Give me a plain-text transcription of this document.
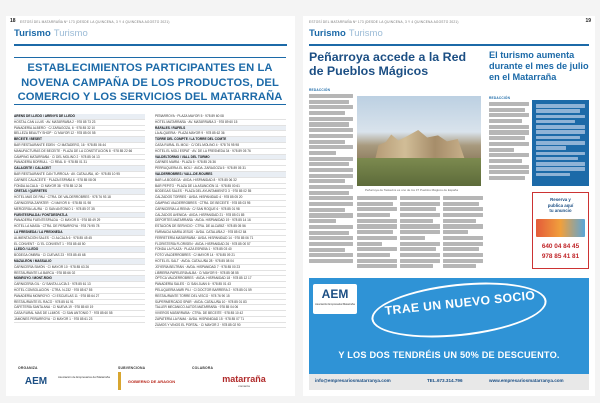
18 ESTOSÍ DEL MATARRAÑA Nº 173 (DESDE LA QUINCENA, 3 Y 4 QUINCENA AGOSTO 2021)
Turismo Turismo
ESTABLECIMIENTOS PARTICIPANTES EN LA NOVENA CAMPAÑA DE LOS PRODUCTOS, DEL COMERCIO Y LOS SERVICIOS DEL MATARRAÑA
ARENS DE LLEDÓ / ARENYS DE LLEDÓ
HOSTAL CAN LLUIS · AV. MATARRAÑA 2 · 978 85 73 23
PANADERÍA ALBERO · C/ ZARAGOZA, 6 · 978 85 32 10
BELLEZA BEAUTY SHOP · C/ MAYOR 12 · 978 85 00 55
BECEITE / BESEIT
BAR RESTAURANTE EDEN · C/ MATADERO, 16 · 978 85 06 44
MANUFACTURAS DE BECEITE · PLAZA DE LA CONSTITUCIÓN 8 · 978 85 22 66
CAMPING MATARRAÑA · C/ DEL MOLINO 2 · 978 85 04 13
PANADERÍA BORRULL · C/ REAL 8 · 978 85 01 31
CALACEITE / CALACEIT
BAR RESTAURANTE CAN TURROLA · AV. CATALUÑA, 40 · 978 85 10 95
CARNES CALACEITE · PLAZA ESPAÑA 6 · 978 85 08 05
FONDA ALCALÁ · C/ MAYOR 38 · 978 85 12 26
CRETAS / QUERETES
HOTEL MAS DE PAU · CTRA. DE VALDERROBRES · 978 76 93 18
CARNICERÍA ZAPATER · C/ MAYOR 6 · 978 85 01 98
MERCERÍA LAURA · C/ SAN ANTONIO 1 · 978 85 07 35
FUENTESPALDA / FONTDESPATLA
PANADERÍA FUENTESPALDA · C/ MAYOR 5 · 978 85 49 29
HOTEL LA MASÍA · CTRA. DE PEÑARROYA · 978 76 95 78
LA FRESNEDA / LA FREIXNEDA
ALIMENTACIÓN SALES · C/ ALCALÁ 6 · 978 85 45 45
EL CONVENT · C/ EL CONVENT 1 · 978 85 48 50
LLEDÓ / LLEDÓ
BODEGA OMBRA · C/ CUEVAS 23 · 978 85 45 68
MAZALEÓN / MASSALIÓ
CARNICERÍA SIMÓN · C/ MAYOR 10 · 978 85 63 26
RESTAURANTE LA BARCA · 978 85 66 02
MONROYO / MONT-ROIG
CARNICERÍA GIL · C/ SANTA LUCÍA 3 · 978 85 61 13
HOTEL CONSOLACIÓN · CTRA. N-232 · 978 85 67 55
PANADERÍA MONROYO · C/ ESCUELAS 11 · 978 85 64 27
RESTAURANTE EL RACÓ · 978 85 61 91
CAFETERÍA SANTA ANA · C/ NUEVA 19 · 978 85 60 19
CASA RURAL MAS DE LLIMÓS · C/ SAN ANTONIO 7 · 978 85 60 55
JAMONES PEÑARROYA · C/ MAYOR 1 · 978 85 61 23
PEÑARROYA · PLAZA MAYOR 5 · 978 89 60 08
HOTEL MATARRAÑA · AV. MATARRAÑA 3 · 978 89 60 15
RÁFALES / RÀFELS
LA ALQUERIA · PLAZA MAYOR 9 · 978 85 62 36
TORRE DEL COMPTE / LA TORRE DEL COMTE
CASA RURAL EL MOLÍ · C/ DEL MOLINO 4 · 978 76 95 98
HOTEL EL MOLÍ ESPAT · AV. DE LA FRESNEDA 34 · 978 89 05 76
VALDELTORMO / VALL DEL TORMO
CARNES MARÍA · PLAZA 5 · 978 85 26 36
PERRUQUERIA EL MOLÍ · AVDA. ZARAGOZA 5 · 978 89 05 31
VALDERROBRES / VALL-DE-ROURES
BAR LA BODEGA · AVDA. HISPANIDAD 8 · 978 85 06 32
BAR PEPITO · PLAZA DE LA ASUNCIÓN 11 · 978 85 00 61
BODEGAS SALES · PLAZA DEL AYUNTAMIENTO 3 · 978 85 02 55
CALZADOS TORRES · AVDA. HISPANIDAD 4 · 978 85 05 20
CAMPING VALDERROBRES · CTRA. DE BECEITE · 978 85 03 95
CARNICERÍA LA REINA · C/ SAN ROQUE 6 · 978 85 01 98
CALZADOS AVENIDA · AVDA. HISPANIDAD 21 · 978 85 01 85
DEPORTES MATARRAÑA · AVDA. HISPANIDAD 19 · 978 85 14 16
ESTACIÓN DE SERVICIO · CTRA. DE ALCAÑIZ · 978 85 05 56
FARMACIA MARÍA JESÚS · AVDA. CATALUÑA 2 · 978 85 02 84
FERRETERÍA MATARRAÑA · AVDA. HISPANIDAD 14 · 978 85 06 71
FLORISTERÍA FLORISEN · AVDA. HISPANIDAD 26 · 978 85 00 57
FONDA LA PLAZA · PLAZA ESPAÑA 1 · 978 85 03 40
FOTO VALDERROBRES · C/ MAYOR 14 · 978 85 09 21
HOTEL EL SALT · AVDA. CATALUÑA 28 · 978 85 08 04
JOYERÍA BELTRÁN · AVDA. HISPANIDAD 7 · 978 85 00 23
LIBRERÍA PAPELERÍA ALBA · C/ MAYOR 9 · 978 85 08 55
ÓPTICA VALDERROBRES · AVDA. HISPANIDAD 18 · 978 85 12 17
PANADERÍA SALES · C/ SAN JUAN 6 · 978 85 01 43
PELUQUERÍA MARI PILI · C/ DOCTOR BARRERA 2 · 978 85 01 59
RESTAURANTE TORRE DEL VISCO · 978 76 90 15
SUPERMERCADO SPAR · AVDA. CATALUÑA 10 · 978 85 01 83
TALLER MECÁNICO AUTOS MATARRAÑA · 978 85 04 06
VIVEROS MATARRAÑA · CTRA. DE BECEITE · 978 85 10 42
ZAPATERÍA LA FAMA · AVDA. HISPANIDAD 15 · 978 85 07 71
ZUMOS Y VINOS EL PORTAL · C/ MAYOR 2 · 978 85 02 90
ORGANIZA	SUBVENCIONA	COLABORA
AEM	Asociación de Empresarios del Matarraña
GOBIERNO DE ARAGON	matarraña
comarca
ESTOSÍ DEL MATARRAÑA Nº 173 (DESDE LA QUINCENA, 3 Y 4 QUINCENA AGOSTO 2021)	19
Turismo Turismo
Peñarroya accede a la Red de Pueblos Mágicos
REDACCIÓN
Peñarroya de Tastavins es uno de los 37 Pueblos Mágicos de España
El turismo aumenta durante el mes de julio en el Matarraña
REDACCIÓN
Reserva y
publica aquí
tu anuncio
640 04 84 45
978 85 41 81
AEM
Asociación Empresarial Matarraña	TRAE UN NUEVO SOCIO
Y LOS DOS TENDRÉIS UN 50% DE DESCUENTO.
info@empresariosmatarranya.com	TEL.673.314.796	www.empresariosmatarranya.com
